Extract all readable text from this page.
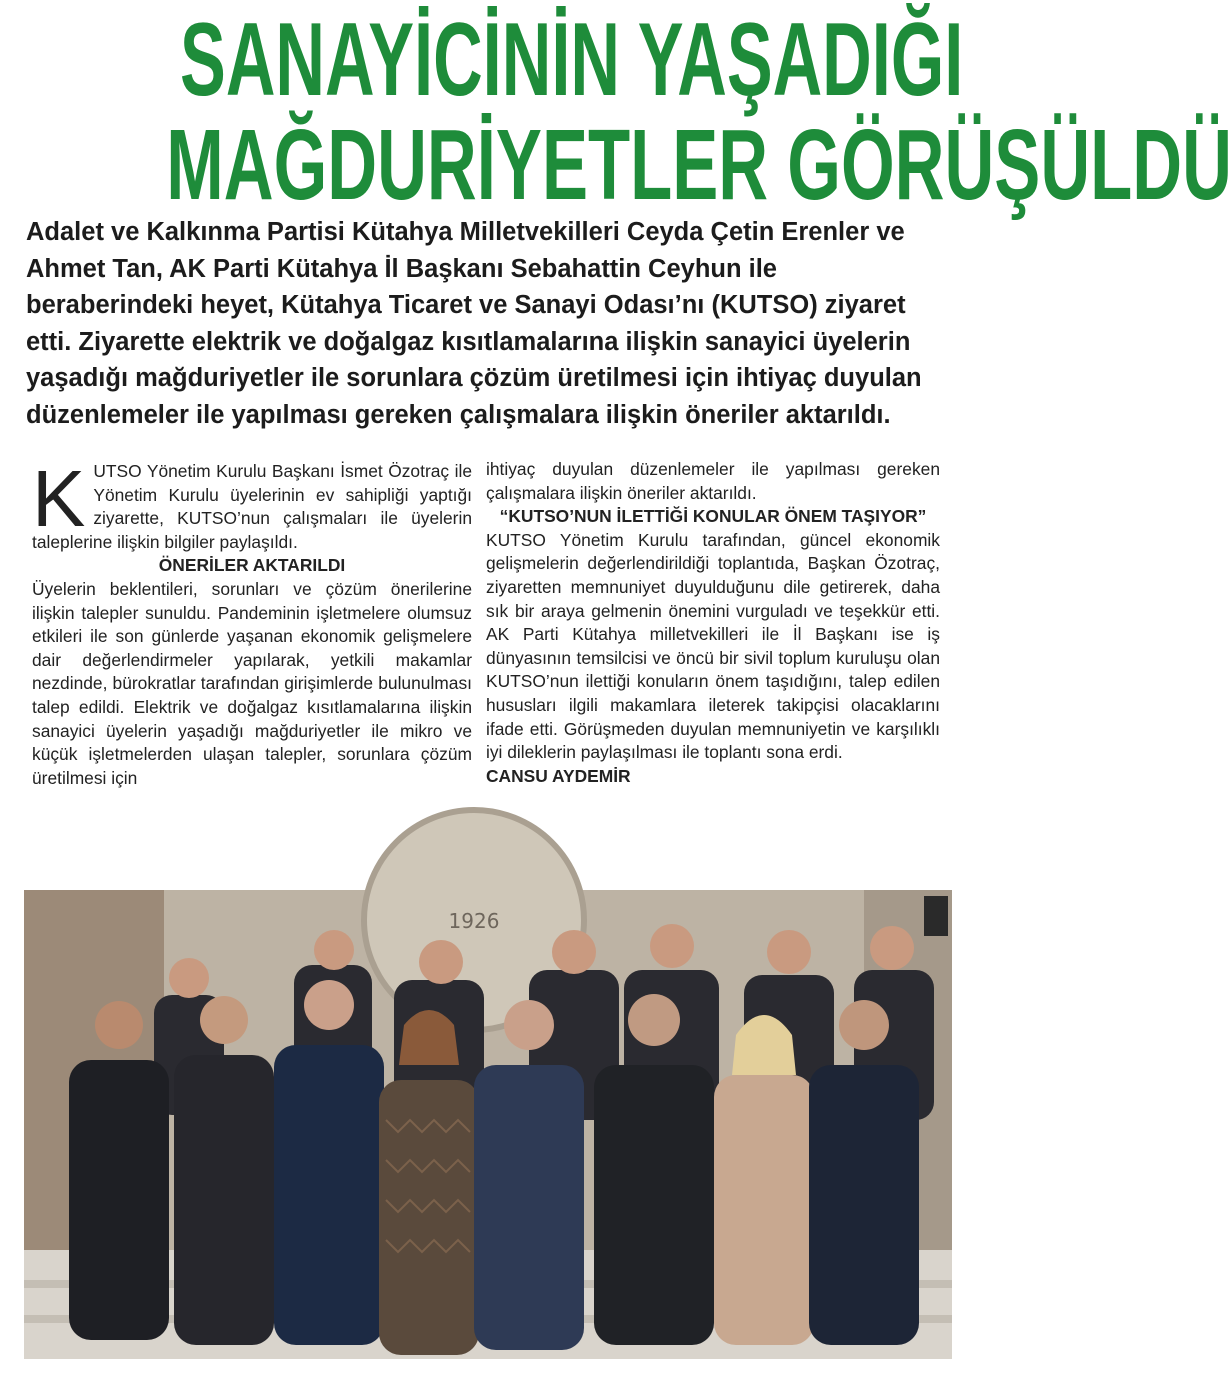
SANAYİCİNİN YAŞADIĞI
MAĞDURİYETLER GÖRÜŞÜLDÜ

Adalet ve Kalkınma Partisi Kütahya Milletvekilleri Ceyda Çetin Erenler ve Ahmet Tan, AK Parti Kütahya İl Başkanı Sebahattin Ceyhun ile beraberindeki heyet, Kütahya Ticaret ve Sanayi Odası’nı (KUTSO) ziyaret etti. Ziyarette elektrik ve doğalgaz kısıtlamalarına ilişkin sanayici üyelerin yaşadığı mağduriyetler ile sorunlara çözüm üretilmesi için ihtiyaç duyulan düzenlemeler ile yapılması gereken çalışmalara ilişkin öneriler aktarıldı.

KUTSO Yönetim Kurulu Başkanı İsmet Özotraç ile Yönetim Kurulu üyelerinin ev sahipliği yaptığı ziyarette, KUTSO’nun çalışmaları ile üyelerin taleplerine ilişkin bilgiler paylaşıldı.

ÖNERİLER AKTARILDI

Üyelerin beklentileri, sorunları ve çözüm önerilerine ilişkin talepler sunuldu. Pandeminin işletmelere olumsuz etkileri ile son günlerde yaşanan ekonomik gelişmelere dair değerlendirmeler yapılarak, yetkili makamlar nezdinde, bürokratlar tarafından girişimlerde bulunulması talep edildi. Elektrik ve doğalgaz kısıtlamalarına ilişkin sanayici üyelerin yaşadığı mağduriyetler ile mikro ve küçük işletmelerden ulaşan talepler, sorunlara çözüm üretilmesi için

ihtiyaç duyulan düzenlemeler ile yapılması gereken çalışmalara ilişkin öneriler aktarıldı.

“KUTSO’NUN İLETTİĞİ KONULAR ÖNEM TAŞIYOR”

KUTSO Yönetim Kurulu tarafından, güncel ekonomik gelişmelerin değerlendirildiği toplantıda, Başkan Özotraç, ziyaretten memnuniyet duyulduğunu dile getirerek, daha sık bir araya gelmenin önemini vurguladı ve teşekkür etti. AK Parti Kütahya milletvekilleri ile İl Başkanı ise iş dünyasının temsilcisi ve öncü bir sivil toplum kuruluşu olan KUTSO’nun ilettiği konuların önem taşıdığını, talep edilen hususları ilgili makamlara ileterek takipçisi olacaklarını ifade etti. Görüşmeden duyulan memnuniyetin ve karşılıklı iyi dileklerin paylaşılması ile toplantı sona erdi.

CANSU AYDEMİR

1926
